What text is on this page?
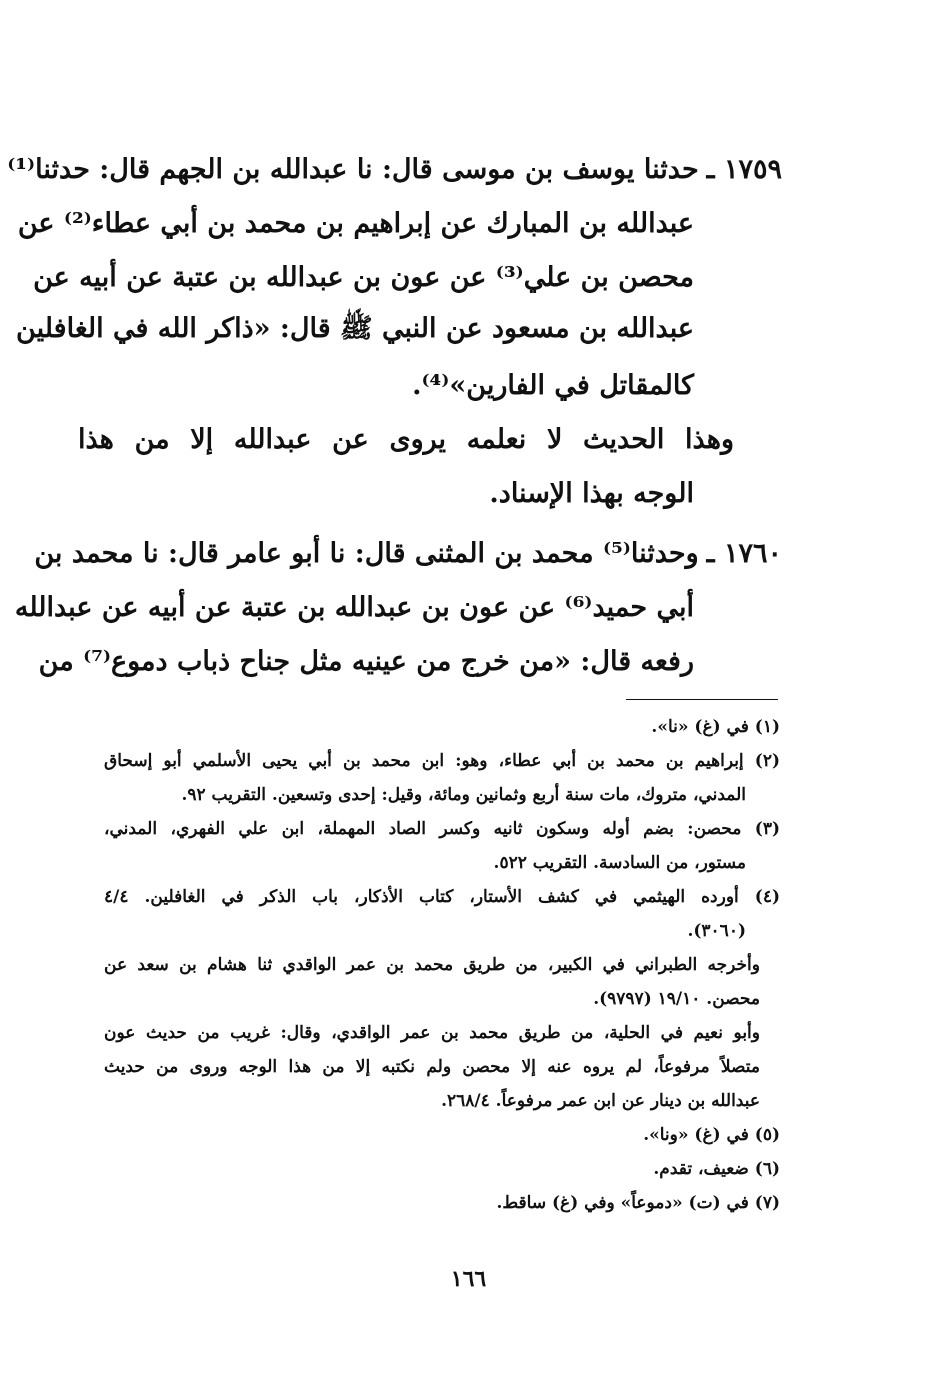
١٧٥٩ ـ
حدثنا يوسف بن موسى قال: نا عبدالله بن الجهم قال: حدثنا⁽¹⁾
عبدالله بن المبارك عن إبراهيم بن محمد بن أبي عطاء⁽²⁾ عن
محصن بن علي⁽³⁾ عن عون بن عبدالله بن عتبة عن أبيه عن
عبدالله بن مسعود عن النبي ﷺ قال: «ذاكر الله في الغافلين
كالمقاتل في الفارين»⁽⁴⁾.
وهذا الحديث لا نعلمه يروى عن عبدالله إلا من هذا
الوجه بهذا الإسناد.
١٧٦٠ ـ
وحدثنا⁽⁵⁾ محمد بن المثنى قال: نا أبو عامر قال: نا محمد بن
أبي حميد⁽⁶⁾ عن عون بن عبدالله بن عتبة عن أبيه عن عبدالله
رفعه قال: «من خرج من عينيه مثل جناح ذباب دموع⁽⁷⁾ من
(١) في (غ) «نا».
(٢) إبراهيم بن محمد بن أبي عطاء، وهو: ابن محمد بن أبي يحيى الأسلمي أبو إسحاق
المدني، متروك، مات سنة أربع وثمانين ومائة، وقيل: إحدى وتسعين. التقريب ٩٢.
(٣) محصن: بضم أوله وسكون ثانيه وكسر الصاد المهملة، ابن علي الفهري، المدني،
مستور، من السادسة. التقريب ٥٢٢.
(٤) أورده الهيثمي في كشف الأستار، كتاب الأذكار، باب الذكر في الغافلين. ٤/٤
(٣٠٦٠).
وأخرجه الطبراني في الكبير، من طريق محمد بن عمر الواقدي ثنا هشام بن سعد عن
محصن. ١٩/١٠ (٩٧٩٧).
وأبو نعيم في الحلية، من طريق محمد بن عمر الواقدي، وقال: غريب من حديث عون
متصلاً مرفوعاً، لم يروه عنه إلا محصن ولم نكتبه إلا من هذا الوجه وروى من حديث
عبدالله بن دينار عن ابن عمر مرفوعاً. ٢٦٨/٤.
(٥) في (غ) «ونا».
(٦) ضعيف، تقدم.
(٧) في (ت) «دموعاً» وفي (غ) ساقط.
١٦٦
